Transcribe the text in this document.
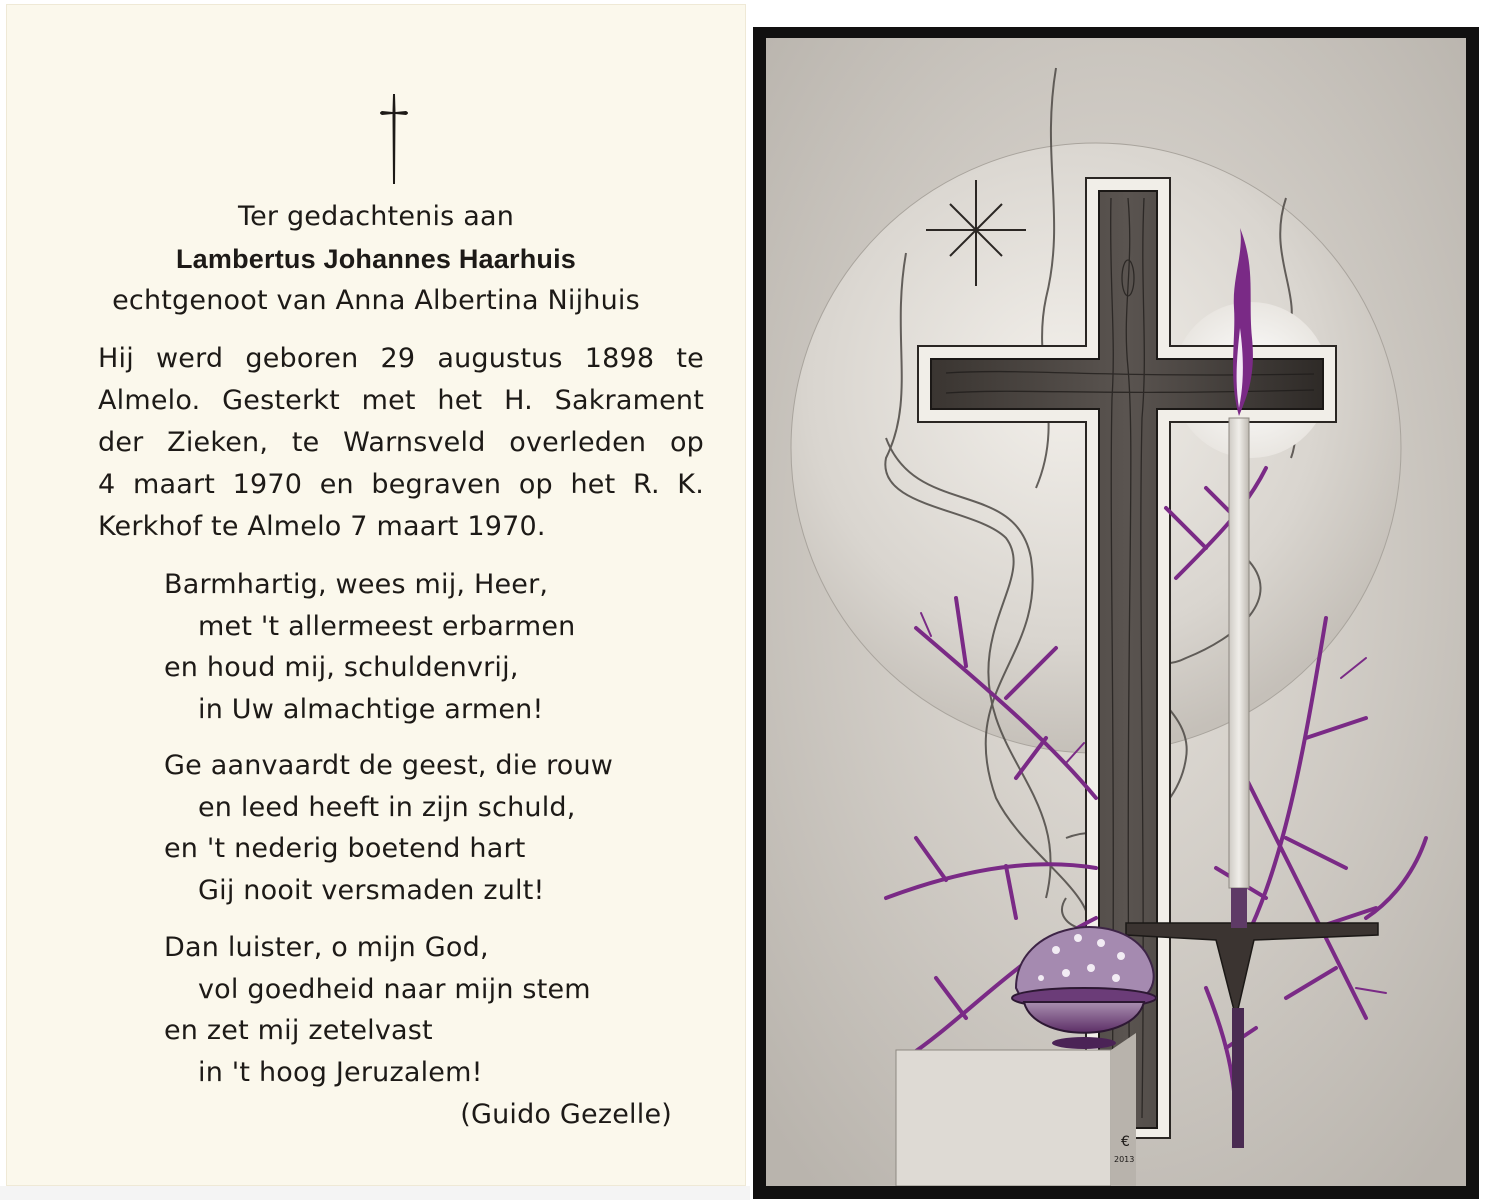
Ter gedachtenis aan
Lambertus Johannes Haarhuis
echtgenoot van Anna Albertina Nijhuis
Hij werd geboren 29 augustus 1898 te
Almelo. Gesterkt met het H. Sakrament
der Zieken, te Warnsveld overleden op
4 maart 1970 en begraven op het R. K.
Kerkhof te Almelo 7 maart 1970.
Barmhartig, wees mij, Heer,
met 't allermeest erbarmen
en houd mij, schuldenvrij,
in Uw almachtige armen!
Ge aanvaardt de geest, die rouw
en leed heeft in zijn schuld,
en 't nederig boetend hart
Gij nooit versmaden zult!
Dan luister, o mijn God,
vol goedheid naar mijn stem
en zet mij zetelvast
in 't hoog Jeruzalem!
(Guido Gezelle)
€
2013
